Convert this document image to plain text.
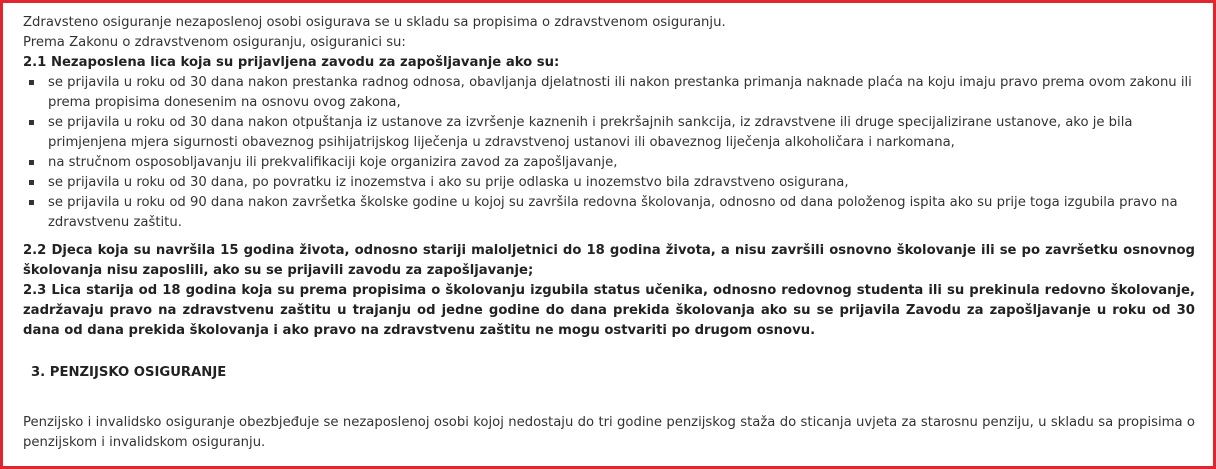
Zdravsteno osiguranje nezaposlenoj osobi osigurava se u skladu sa propisima o zdravstvenom osiguranju.
Prema Zakonu o zdravstvenom osiguranju, osiguranici su:
2.1 Nezaposlena lica koja su prijavljena zavodu za zapošljavanje ako su:
se prijavila u roku od 30 dana nakon prestanka radnog odnosa, obavljanja djelatnosti ili nakon prestanka primanja naknade plaća na koju imaju pravo prema ovom zakonu ili prema propisima donesenim na osnovu ovog zakona,
se prijavila u roku od 30 dana nakon otpuštanja iz ustanove za izvršenje kaznenih i prekršajnih sankcija, iz zdravstvene ili druge specijalizirane ustanove, ako je bila primjenjena mjera sigurnosti obaveznog psihijatrijskog liječenja u zdravstvenoj ustanovi ili obaveznog liječenja alkoholičara i narkomana,
na stručnom osposobljavanju ili prekvalifikaciji koje organizira zavod za zapošljavanje,
se prijavila u roku od 30 dana, po povratku iz inozemstva i ako su prije odlaska u inozemstvo bila zdravstveno osigurana,
se prijavila u roku od 90 dana nakon završetka školske godine u kojoj su završila redovna školovanja, odnosno od dana položenog ispita ako su prije toga izgubila pravo na zdravstvenu zaštitu.
2.2 Djeca koja su navršila 15 godina života, odnosno stariji maloljetnici do 18 godina života, a nisu završili osnovno školovanje ili se po završetku osnovnog školovanja nisu zaposlili, ako su se prijavili zavodu za zapošljavanje;
2.3 Lica starija od 18 godina koja su prema propisima o školovanju izgubila status učenika, odnosno redovnog studenta ili su prekinula redovno školovanje, zadržavaju pravo na zdravstvenu zaštitu u trajanju od jedne godine do dana prekida školovanja ako su se prijavila Zavodu za zapošljavanje u roku od 30 dana od dana prekida školovanja i ako pravo na zdravstvenu zaštitu ne mogu ostvariti po drugom osnovu.
3. PENZIJSKO OSIGURANJE
Penzijsko i invalidsko osiguranje obezbjeđuje se nezaposlenoj osobi kojoj nedostaju do tri godine penzijskog staža do sticanja uvjeta za starosnu penziju, u skladu sa propisima o penzijskom i invalidskom osiguranju.
